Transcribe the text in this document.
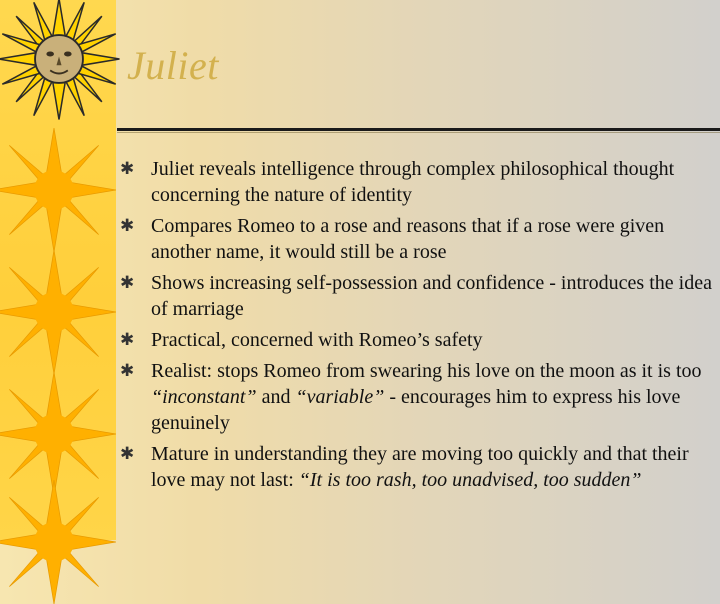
Juliet
✱ Juliet reveals intelligence through complex philosophical thought concerning the nature of identity
✱ Compares Romeo to a rose and reasons that if a rose were given another name, it would still be a rose
✱ Shows increasing self-possession and confidence - introduces the idea of marriage
✱ Practical, concerned with Romeo’s safety
✱ Realist: stops Romeo from swearing his love on the moon as it is too “inconstant” and “variable” - encourages him to express his love genuinely
✱ Mature in understanding they are moving too quickly and that their love may not last: “It is too rash, too unadvised, too sudden”
